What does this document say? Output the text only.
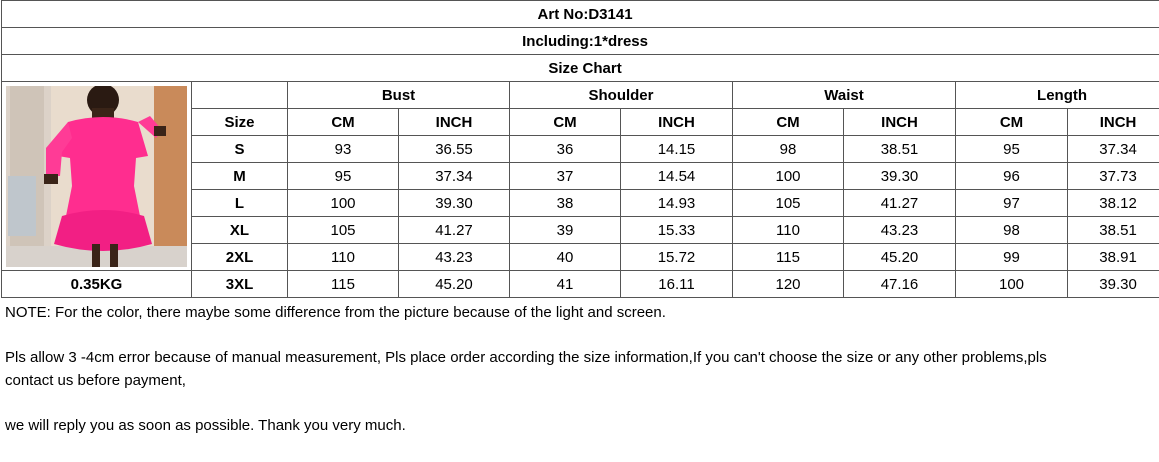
Art No:D3141									
Including:1*dress									
Size Chart									

		Bust		Shoulder		Waist		Length	
	Size	CM	INCH	CM	INCH	CM	INCH	CM	INCH
	S	93	36.55	36	14.15	98	38.51	95	37.34
	M	95	37.34	37	14.54	100	39.30	96	37.73
	L	100	39.30	38	14.93	105	41.27	97	38.12
	XL	105	41.27	39	15.33	110	43.23	98	38.51
	2XL	110	43.23	40	15.72	115	45.20	99	38.91
0.35KG	3XL	115	45.20	41	16.11	120	47.16	100	39.30

NOTE: For the color, there maybe some difference from the picture because of the light and screen.

Pls allow 3 -4cm error because of manual measurement, Pls place order according the size information,If you can't choose the size or any other problems,pls

contact us before payment,

we will reply you as soon as possible. Thank you very much.
